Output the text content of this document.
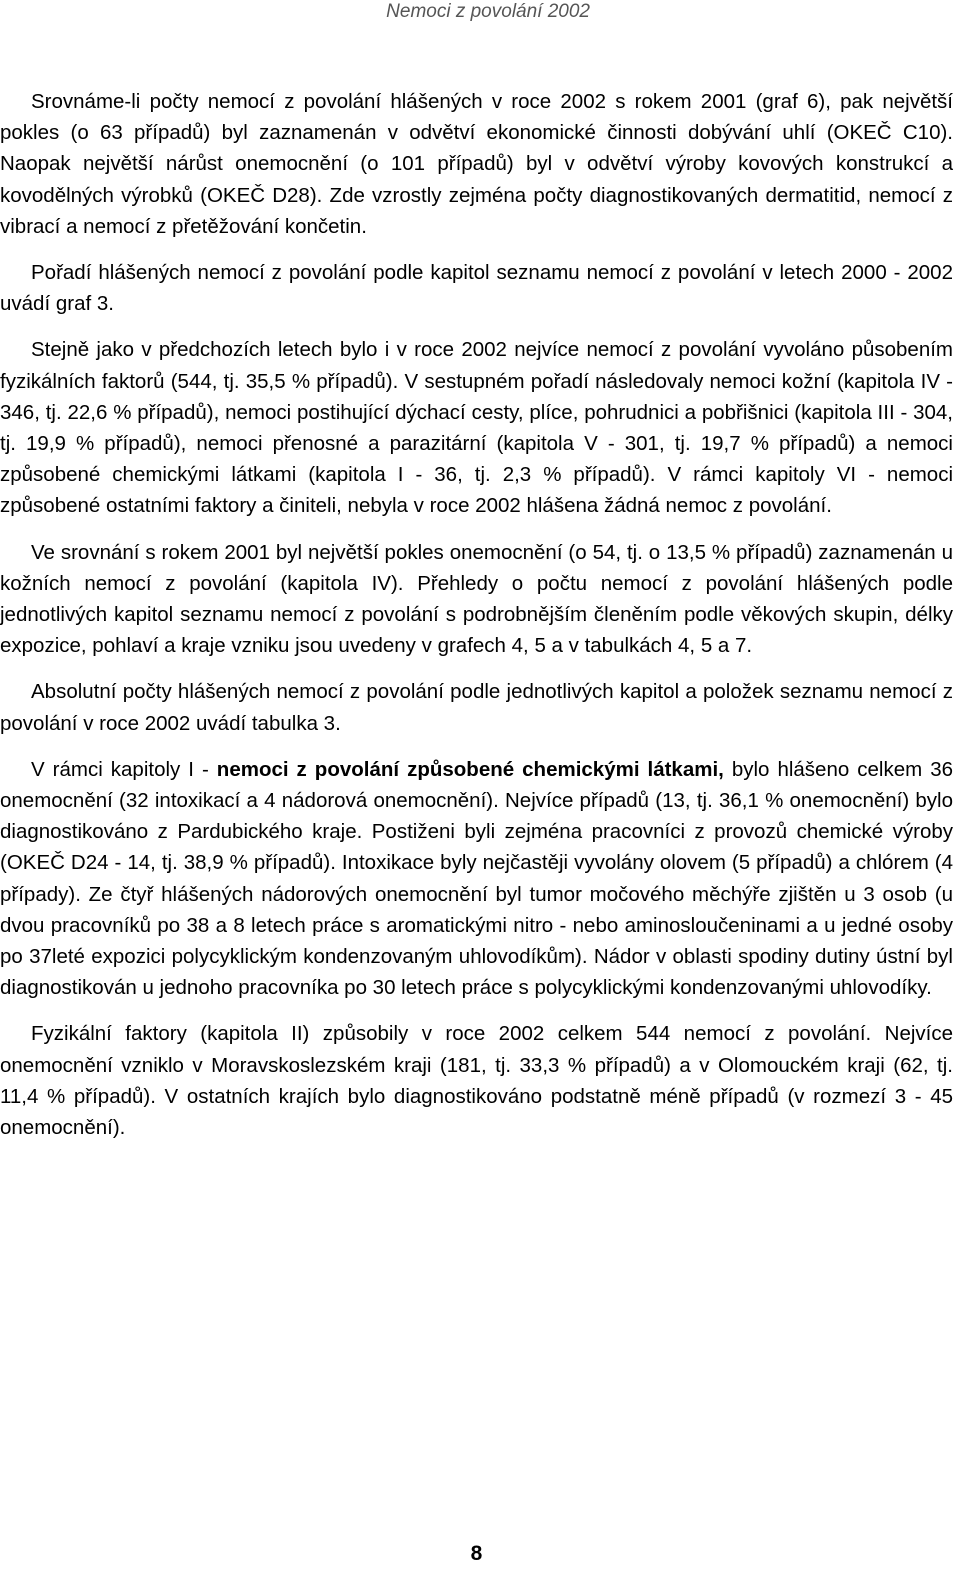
Nemoci z povolání 2002

Srovnáme-li počty nemocí z povolání hlášených v roce 2002 s rokem 2001 (graf 6), pak největší pokles (o 63 případů) byl zaznamenán v odvětví ekonomické činnosti dobývání uhlí (OKEČ C10). Naopak největší nárůst onemocnění (o 101 případů) byl v odvětví výroby kovových konstrukcí a kovodělných výrobků (OKEČ D28). Zde vzrostly zejména počty diagnostikovaných dermatitid, nemocí z vibrací a nemocí z přetěžování končetin.

Pořadí hlášených nemocí z povolání podle kapitol seznamu nemocí z povolání v letech 2000 - 2002 uvádí graf 3.

Stejně jako v předchozích letech bylo i v roce 2002 nejvíce nemocí z povolání vyvoláno působením fyzikálních faktorů (544, tj. 35,5 % případů). V sestupném pořadí následovaly nemoci kožní (kapitola IV - 346, tj. 22,6 % případů), nemoci postihující dýchací cesty, plíce, pohrudnici a pobřišnici (kapitola III - 304, tj. 19,9 % případů), nemoci přenosné a parazitární (kapitola V - 301, tj. 19,7 % případů) a nemoci způsobené chemickými látkami (kapitola I - 36, tj. 2,3 % případů). V rámci kapitoly VI - nemoci způsobené ostatními faktory a činiteli, nebyla v roce 2002 hlášena žádná nemoc z povolání.

Ve srovnání s rokem 2001 byl největší pokles onemocnění (o 54, tj. o 13,5 % případů) zaznamenán u kožních nemocí z povolání (kapitola IV). Přehledy o počtu nemocí z povolání hlášených podle jednotlivých kapitol seznamu nemocí z povolání s podrobnějším členěním podle věkových skupin, délky expozice, pohlaví a kraje vzniku jsou uvedeny v grafech 4, 5 a v tabulkách 4, 5 a 7.

Absolutní počty hlášených nemocí z povolání podle jednotlivých kapitol a položek seznamu nemocí z povolání v roce 2002 uvádí tabulka 3.

V rámci kapitoly I - nemoci z povolání způsobené chemickými látkami, bylo hlášeno celkem 36 onemocnění (32 intoxikací a 4 nádorová onemocnění). Nejvíce případů (13, tj. 36,1 % onemocnění) bylo diagnostikováno z Pardubického kraje. Postiženi byli zejména pracovníci z provozů chemické výroby (OKEČ D24 - 14, tj. 38,9 % případů). Intoxikace byly nejčastěji vyvolány olovem (5 případů) a chlórem (4 případy). Ze čtyř hlášených nádorových onemocnění byl tumor močového měchýře zjištěn u 3 osob (u dvou pracovníků po 38 a 8 letech práce s aromatickými nitro - nebo aminosloučeninami a u jedné osoby po 37leté expozici polycyklickým kondenzovaným uhlovodíkům). Nádor v oblasti spodiny dutiny ústní byl diagnostikován u jednoho pracovníka po 30 letech práce s polycyklickými kondenzovanými uhlovodíky.

Fyzikální faktory (kapitola II) způsobily v roce 2002 celkem 544 nemocí z povolání. Nejvíce onemocnění vzniklo v Moravskoslezském kraji (181, tj. 33,3 % případů) a v Olomouckém kraji (62, tj. 11,4 % případů). V ostatních krajích bylo diagnostikováno podstatně méně případů (v rozmezí 3 - 45 onemocnění).

8
